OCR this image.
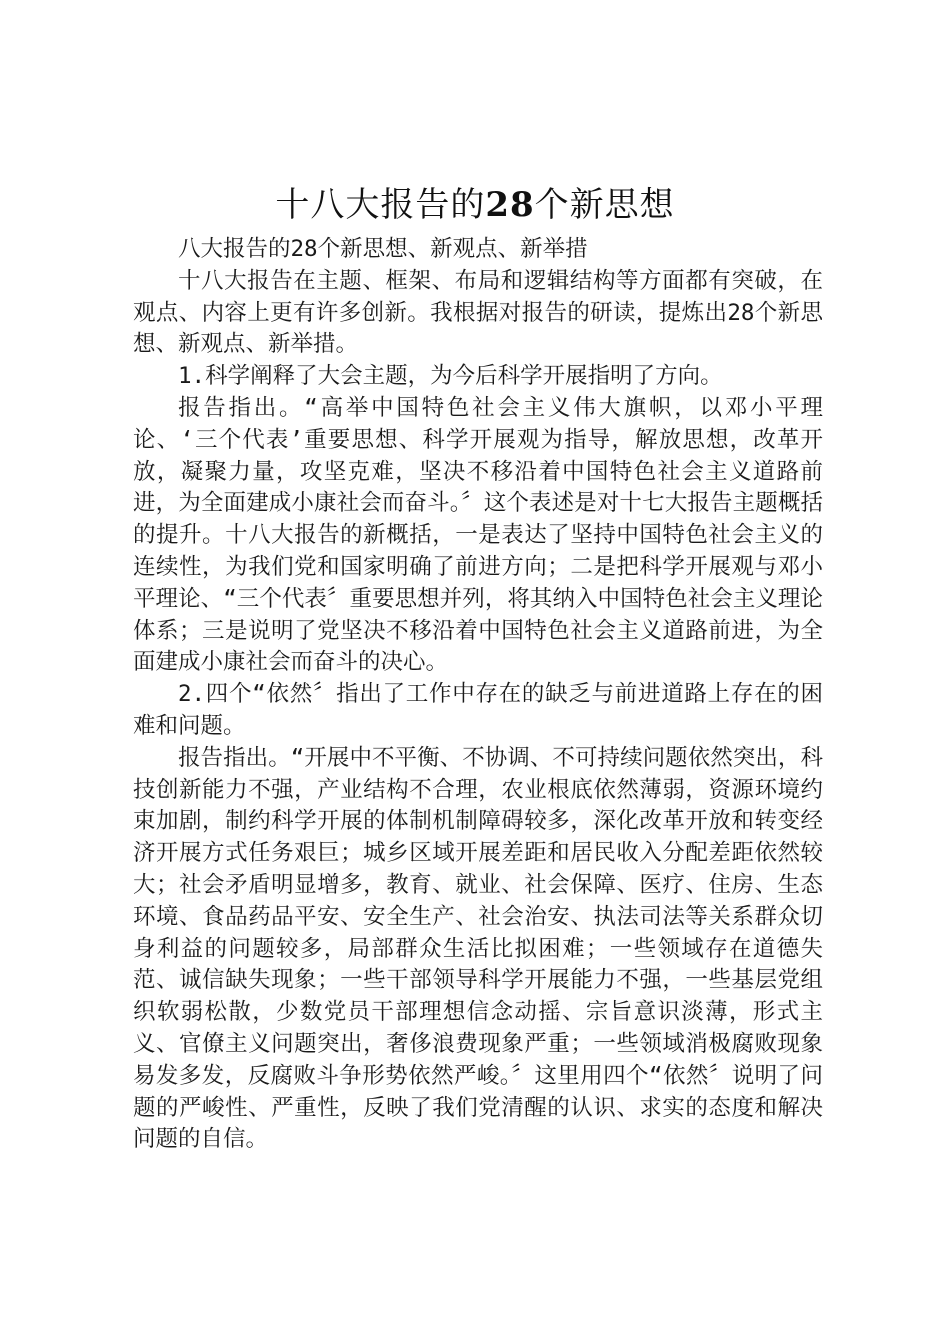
十八大报告的28个新思想

八大报告的28个新思想、新观点、新举措

十八大报告在主题、框架、布局和逻辑结构等方面都有突破，在观点、内容上更有许多创新。我根据对报告的研读，提炼出28个新思想、新观点、新举措。

1.科学阐释了大会主题，为今后科学开展指明了方向。

报告指出。“高举中国特色社会主义伟大旗帜，以邓小平理论、‘三个代表’重要思想、科学开展观为指导，解放思想，改革开放，凝聚力量，攻坚克难，坚决不移沿着中国特色社会主义道路前进，为全面建成小康社会而奋斗。〞这个表述是对十七大报告主题概括的提升。十八大报告的新概括，一是表达了坚持中国特色社会主义的连续性，为我们党和国家明确了前进方向；二是把科学开展观与邓小平理论、“三个代表〞重要思想并列，将其纳入中国特色社会主义理论体系；三是说明了党坚决不移沿着中国特色社会主义道路前进，为全面建成小康社会而奋斗的决心。

2.四个“依然〞指出了工作中存在的缺乏与前进道路上存在的困难和问题。

报告指出。“开展中不平衡、不协调、不可持续问题依然突出，科技创新能力不强，产业结构不合理，农业根底依然薄弱，资源环境约束加剧，制约科学开展的体制机制障碍较多，深化改革开放和转变经济开展方式任务艰巨；城乡区域开展差距和居民收入分配差距依然较大；社会矛盾明显增多，教育、就业、社会保障、医疗、住房、生态环境、食品药品平安、安全生产、社会治安、执法司法等关系群众切身利益的问题较多，局部群众生活比拟困难；一些领域存在道德失范、诚信缺失现象；一些干部领导科学开展能力不强，一些基层党组织软弱松散，少数党员干部理想信念动摇、宗旨意识淡薄，形式主义、官僚主义问题突出，奢侈浪费现象严重；一些领域消极腐败现象易发多发，反腐败斗争形势依然严峻。〞这里用四个“依然〞说明了问题的严峻性、严重性，反映了我们党清醒的认识、求实的态度和解决问题的自信。
